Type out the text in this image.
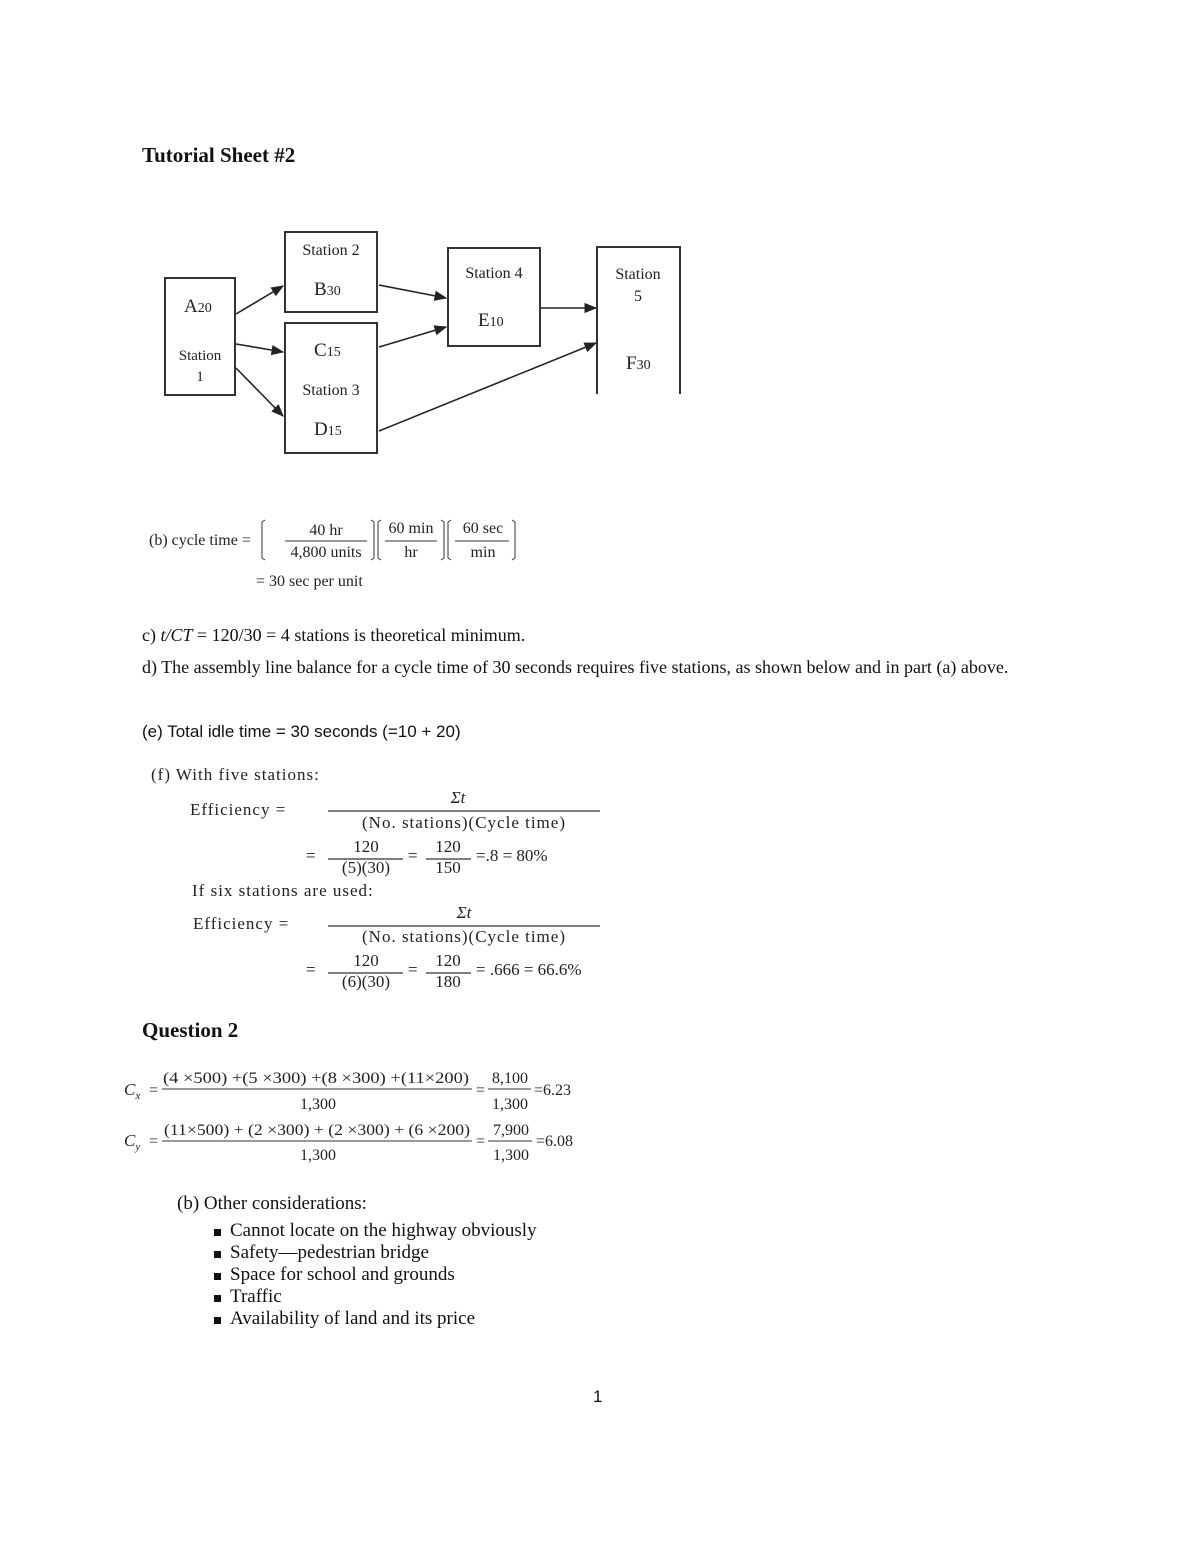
Tutorial Sheet #2
A20
Station
1
Station 2
B30
C15
Station 3
D15
Station 4
E10
Station
5
F30
(b) cycle time =
40 hr
4,800 units
60 min
hr
60 sec
min
= 30 sec per unit
c) t/CT = 120/30 = 4 stations is theoretical minimum.
d) The assembly line balance for a cycle time of 30 seconds requires five stations, as shown below and in part (a) above.
(e) Total idle time = 30 seconds (=10 + 20)
(f) With five stations:
Efficiency =
Σt
(No. stations)(Cycle time)
= 120
(5)(30)
= 120
150
=.8 = 80%
If six stations are used:
Efficiency =
Σt
(No. stations)(Cycle time)
= 120
(6)(30)
= 120
180
= .666 = 66.6%
Question 2
$C_x$ =
(4 ×500) +(5 ×300) +(8 ×300) +(11×200)
1,300
=
8,100
1,300
=6.23
$C_y$ =
(11×500) + (2 ×300) + (2 ×300) + (6 ×200)
1,300
=
7,900
1,300
=6.08
(b) Other considerations:
Cannot locate on the highway obviously
Safety—pedestrian bridge
Space for school and grounds
Traffic
Availability of land and its price
1
